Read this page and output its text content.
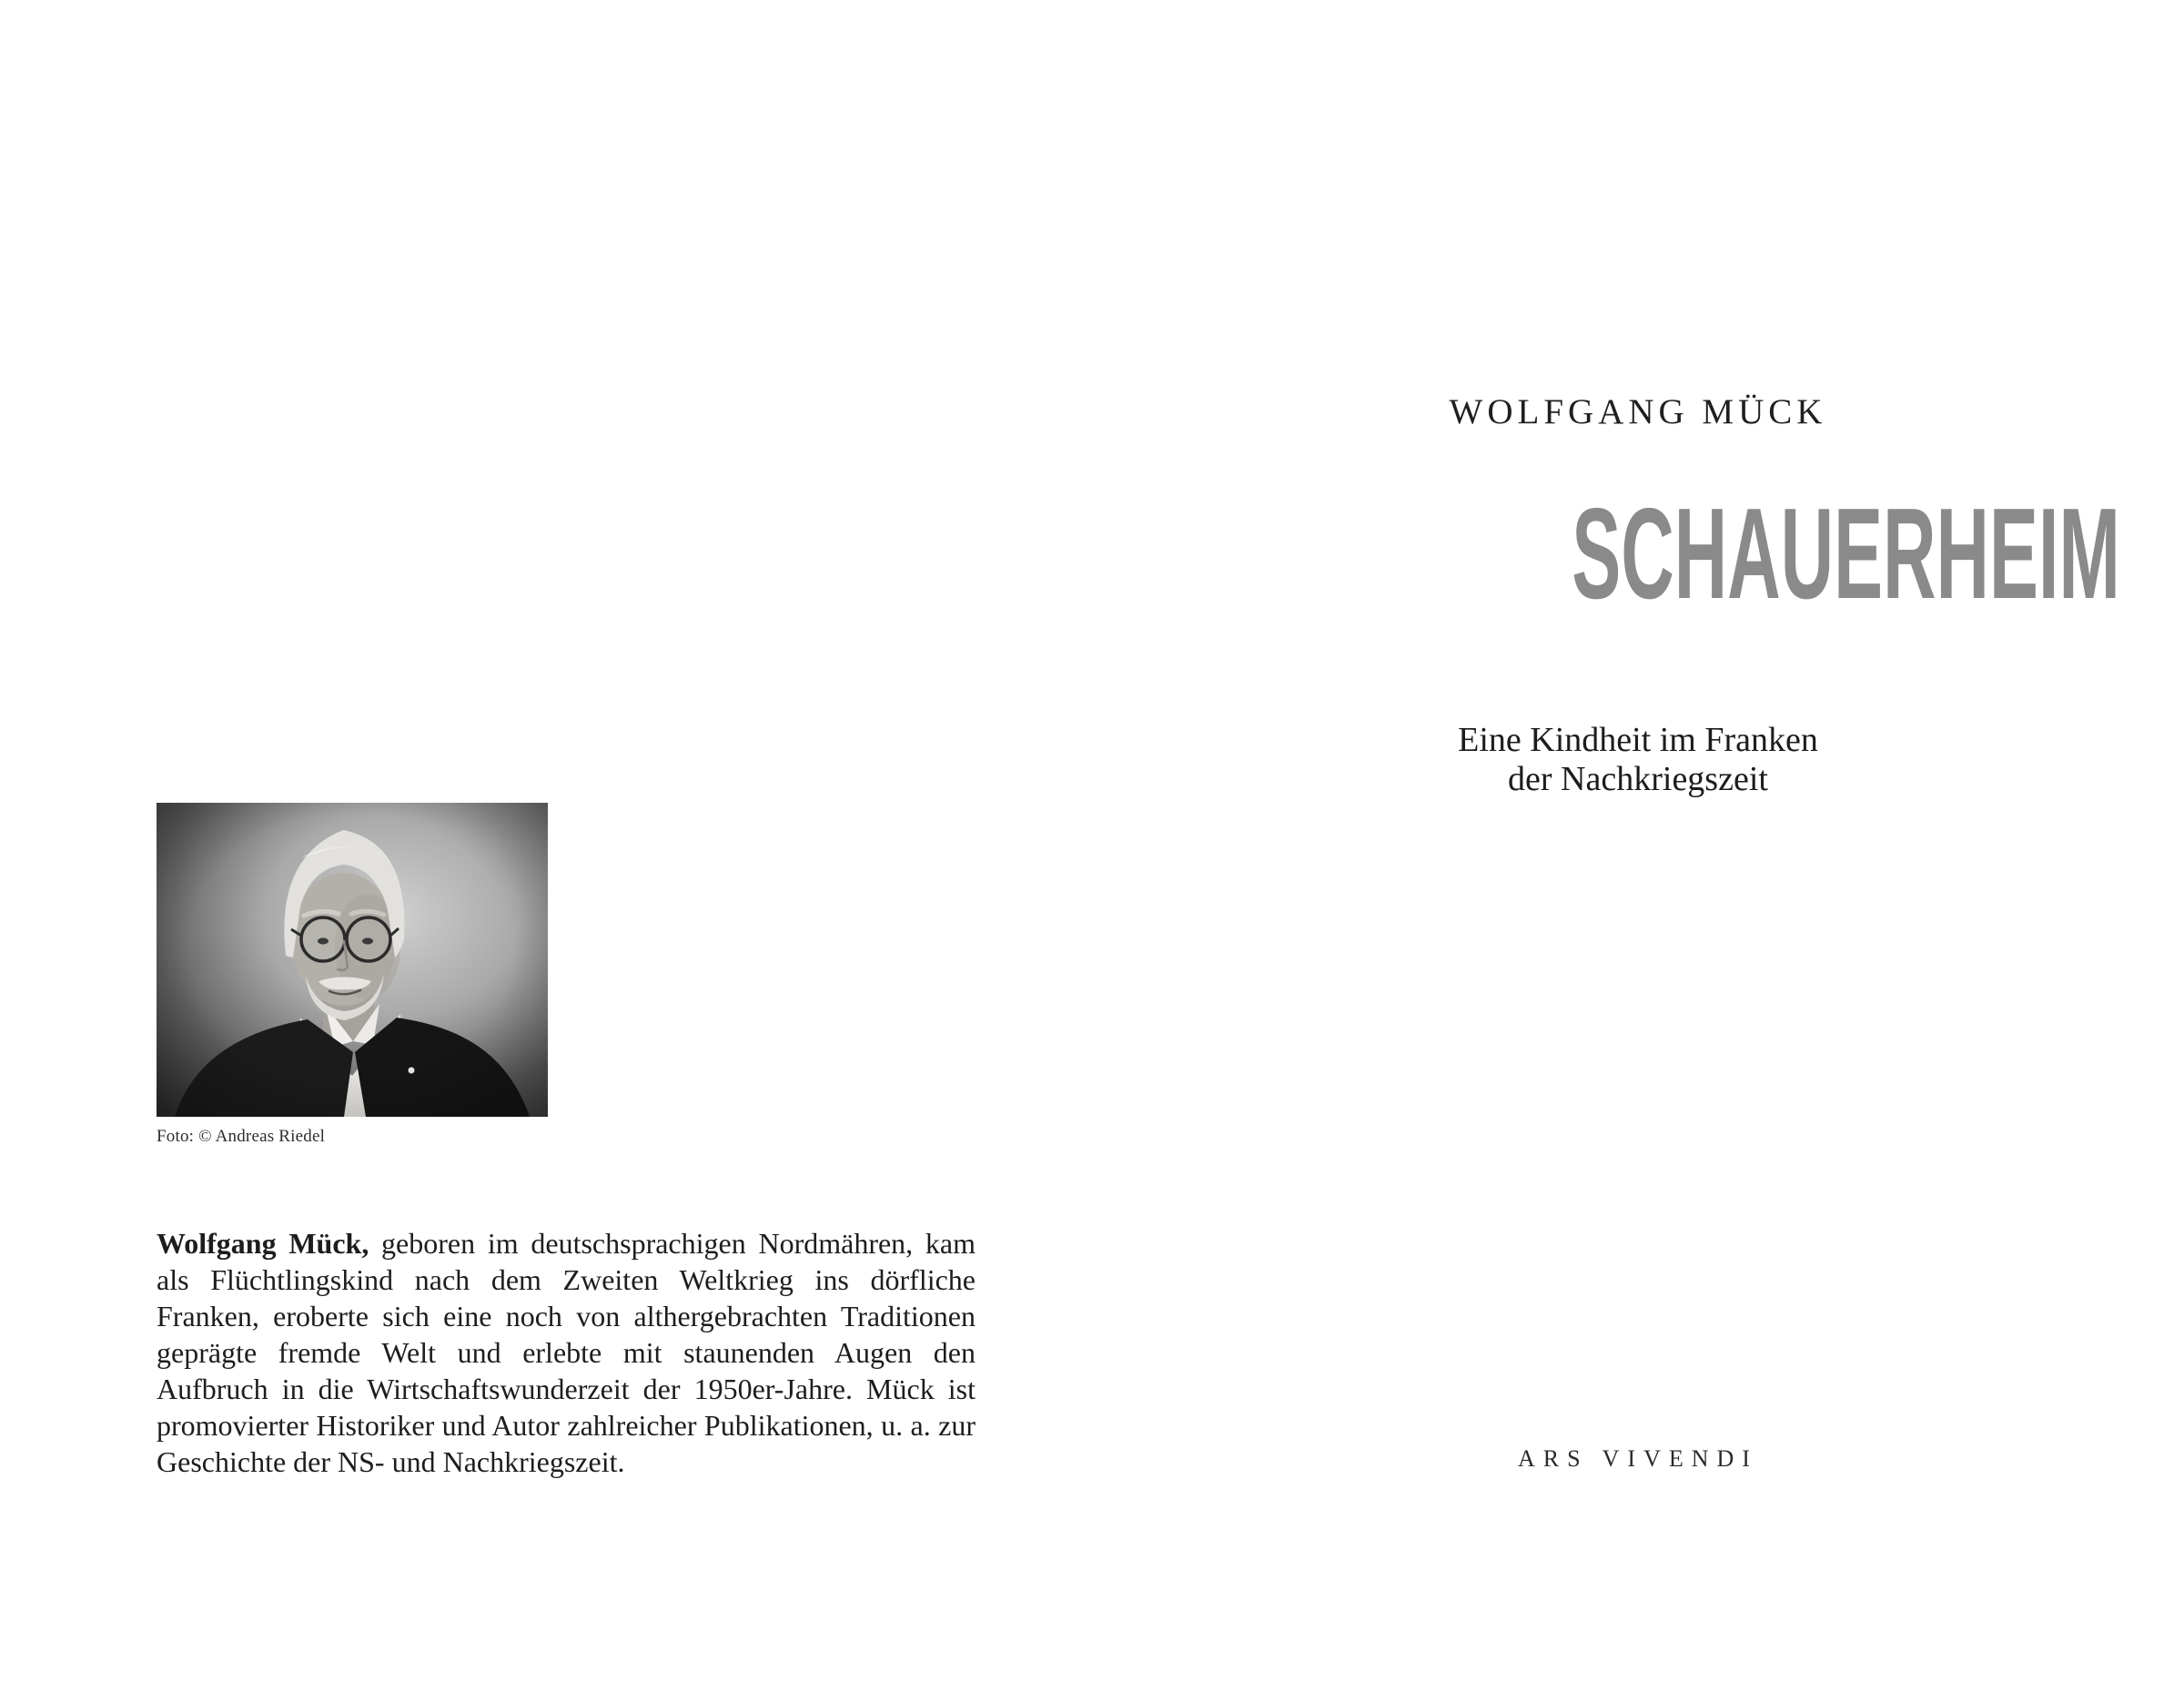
Foto: © Andreas Riedel

Wolfgang Mück, geboren im deutschsprachigen Nordmähren, kam als Flüchtlingskind nach dem Zweiten Weltkrieg ins dörfliche Franken, eroberte sich eine noch von althergebrachten Traditionen geprägte fremde Welt und erlebte mit staunenden Augen den Aufbruch in die Wirtschaftswunderzeit der 1950er-Jahre. Mück ist promovierter Historiker und Autor zahlreicher Publikationen, u. a. zur Geschichte der NS- und Nachkriegszeit.

WOLFGANG MÜCK
SCHAUERHEIM
Eine Kindheit im Franken
der Nachkriegszeit
ARS VIVENDI
